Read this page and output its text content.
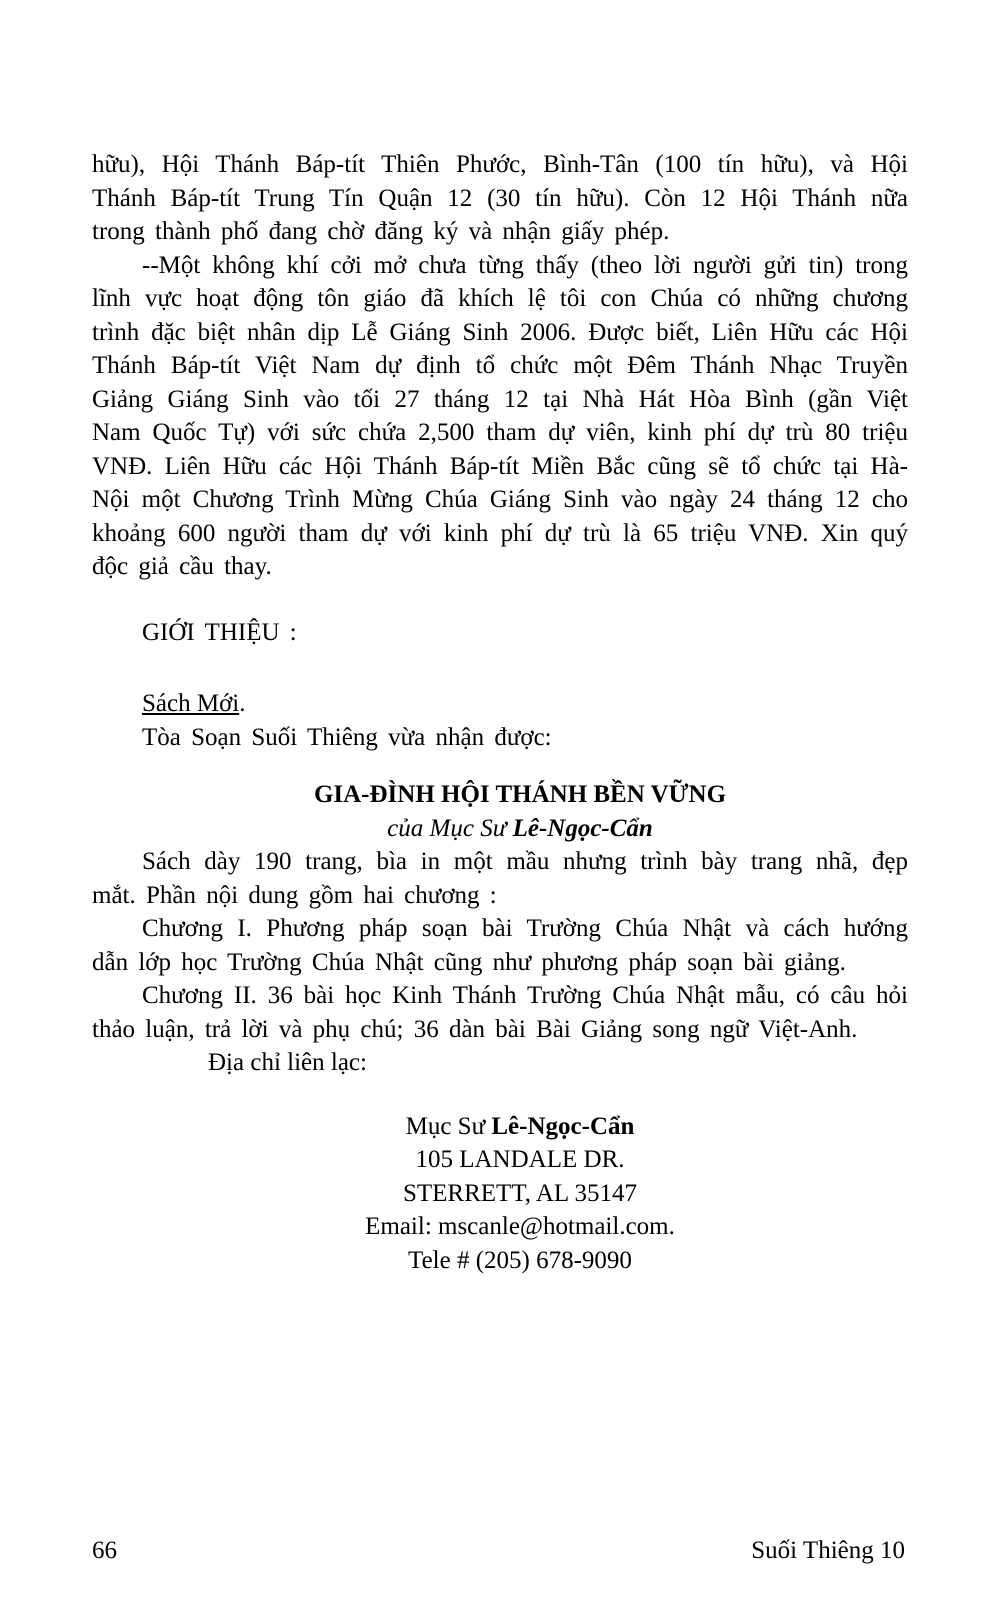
hữu), Hội Thánh Báp-tít Thiên Phước, Bình-Tân (100 tín hữu), và Hội Thánh Báp-tít Trung Tín Quận 12 (30 tín hữu). Còn 12 Hội Thánh nữa trong thành phố đang chờ đăng ký và nhận giấy phép.

--Một không khí cởi mở chưa từng thấy (theo lời người gửi tin) trong lĩnh vực hoạt động tôn giáo đã khích lệ tôi con Chúa có những chương trình đặc biệt nhân dịp Lễ Giáng Sinh 2006. Được biết, Liên Hữu các Hội Thánh Báp-tít Việt Nam dự định tổ chức một Đêm Thánh Nhạc Truyền Giảng Giáng Sinh vào tối 27 tháng 12 tại Nhà Hát Hòa Bình (gần Việt Nam Quốc Tự) với sức chứa 2,500 tham dự viên, kinh phí dự trù 80 triệu VNĐ. Liên Hữu các Hội Thánh Báp-tít Miền Bắc cũng sẽ tổ chức tại Hà-Nội một Chương Trình Mừng Chúa Giáng Sinh vào ngày 24 tháng 12 cho khoảng 600 người tham dự với kinh phí dự trù là 65 triệu VNĐ. Xin quý độc giả cầu thay.

GIỚI THIỆU :
Sách Mới.
Tòa Soạn Suối Thiêng vừa nhận được:
GIA-ĐÌNH HỘI THÁNH BỀN VỮNG
của Mục Sư Lê-Ngọc-Cẩn

Sách dày 190 trang, bìa in một mầu nhưng trình bày trang nhã, đẹp mắt. Phần nội dung gồm hai chương :

Chương I. Phương pháp soạn bài Trường Chúa Nhật và cách hướng dẫn lớp học Trường Chúa Nhật cũng như phương pháp soạn bài giảng.

Chương II. 36 bài học Kinh Thánh Trường Chúa Nhật mẫu, có câu hỏi thảo luận, trả lời và phụ chú; 36 dàn bài Bài Giảng song ngữ Việt-Anh.

Địa chỉ liên lạc:
Mục Sư Lê-Ngọc-Cẩn
105 LANDALE DR.
STERRETT, AL 35147
Email: mscanle@hotmail.com.
Tele # (205) 678-9090
66	Suối Thiêng 10
